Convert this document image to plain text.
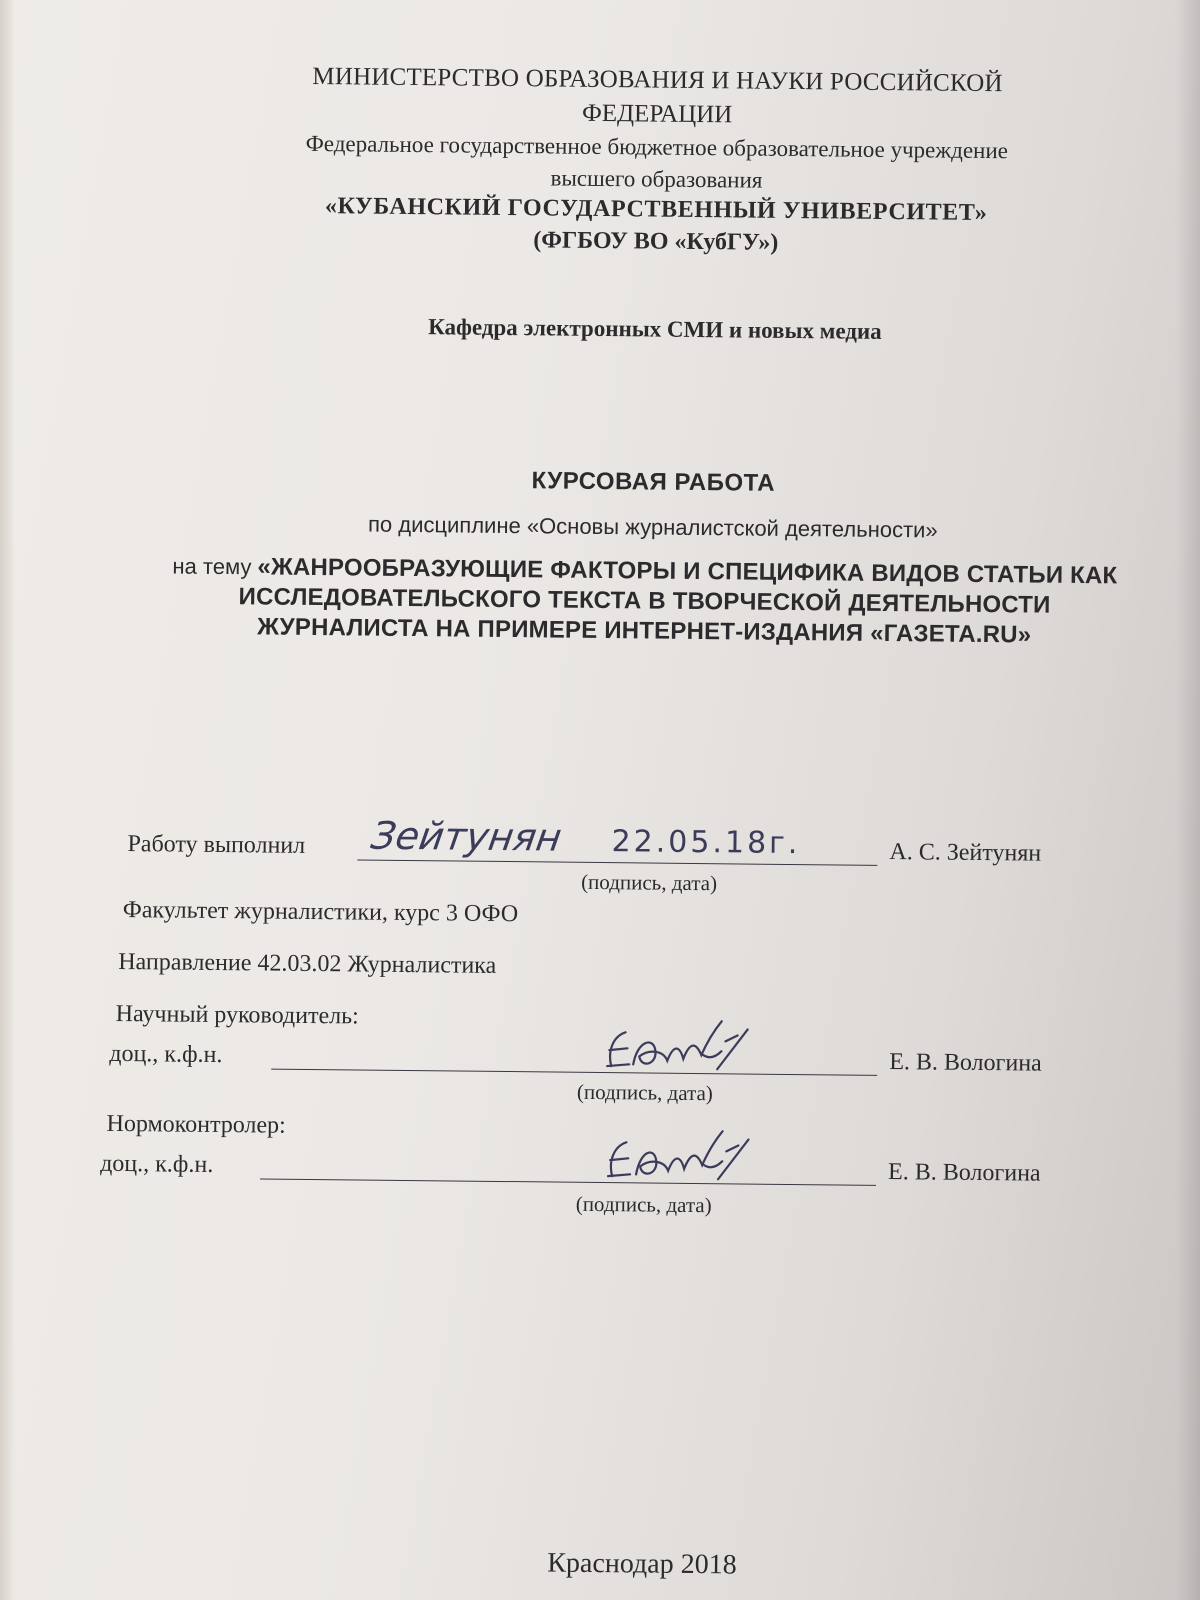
МИНИСТЕРСТВО ОБРАЗОВАНИЯ И НАУКИ РОССИЙСКОЙ
ФЕДЕРАЦИИ
Федеральное государственное бюджетное образовательное учреждение
высшего образования
«КУБАНСКИЙ ГОСУДАРСТВЕННЫЙ УНИВЕРСИТЕТ»
(ФГБОУ ВО «КубГУ»)
Кафедра электронных СМИ и новых медиа
КУРСОВАЯ РАБОТА
по дисциплине «Основы журналистской деятельности»
на тему «ЖАНРООБРАЗУЮЩИЕ ФАКТОРЫ И СПЕЦИФИКА ВИДОВ СТАТЬИ КАК ИССЛЕДОВАТЕЛЬСКОГО ТЕКСТА В ТВОРЧЕСКОЙ ДЕЯТЕЛЬНОСТИ ЖУРНАЛИСТА НА ПРИМЕРЕ ИНТЕРНЕТ-ИЗДАНИЯ «ГАЗЕТА.RU»
Работу выполнил Зейтунян 22.05.18г.	А. С. Зейтунян
(подпись, дата)
Факультет журналистики, курс 3 ОФО
Направление 42.03.02 Журналистика
Научный руководитель:
доц., к.ф.н.	Е. В. Вологина
(подпись, дата)
Нормоконтролер:
доц., к.ф.н.	Е. В. Вологина
(подпись, дата)
Краснодар 2018
